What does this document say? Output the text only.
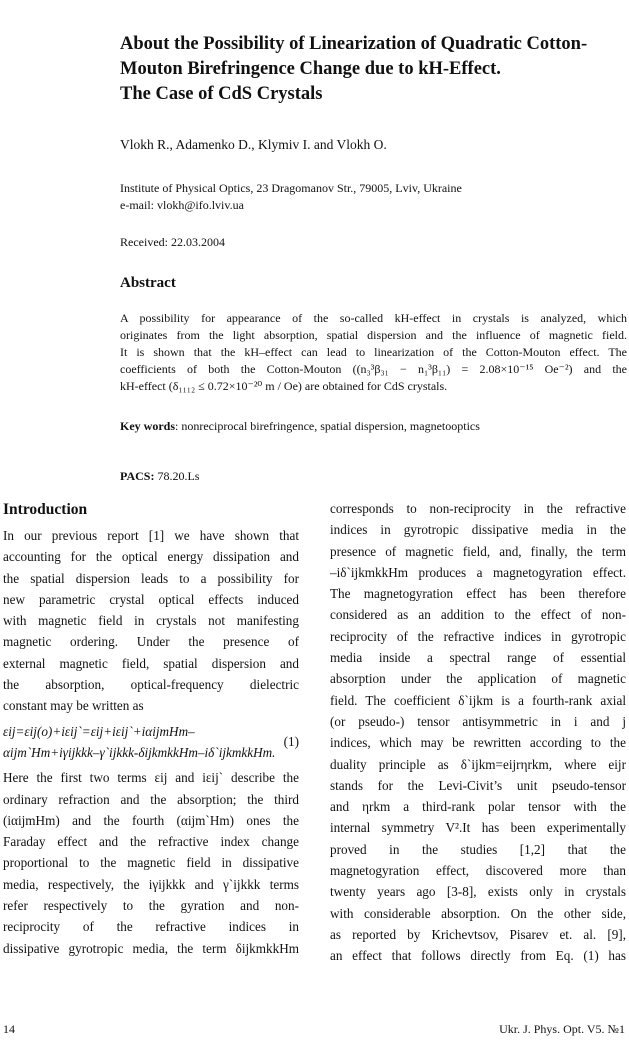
About the Possibility of Linearization of Quadratic Cotton-
Mouton Birefringence Change due to kH-Effect.
The Case of CdS Crystals

Vlokh R., Adamenko D., Klymiv I. and Vlokh O.

Institute of Physical Optics, 23 Dragomanov Str., 79005, Lviv, Ukraine
e-mail: vlokh@ifo.lviv.ua

Received: 22.03.2004

Abstract
A possibility for appearance of the so-called kH-effect in crystals is analyzed, which
originates from the light absorption, spatial dispersion and the influence of magnetic field.
It is shown that the kH–effect can lead to linearization of the Cotton-Mouton effect. The
coefficients of both the Cotton-Mouton ((n₃³β₃₁ − n₁³β₁₁) = 2.08×10⁻¹⁵ Oe⁻²) and the
kH-effect (δ₁₁₁₂ ≤ 0.72×10⁻²⁰ m / Oe) are obtained for CdS crystals.

Key words: nonreciprocal birefringence, spatial dispersion, magnetooptics

PACS: 78.20.Ls

Introduction
In our previous report [1] we have shown that
accounting for the optical energy dissipation and
the spatial dispersion leads to a possibility for
new parametric crystal optical effects induced
with magnetic field in crystals not manifesting
magnetic ordering. Under the presence of
external magnetic field, spatial dispersion and
the absorption, optical-frequency dielectric
constant may be written as
εij=εij(o)+iεij`=εij+iεij`+iαijmHm–
αijm`Hm+iγijkkk–γ`ijkkk-δijkmkkHm–iδ`ijkmkkHm.
(1)
Here the first two terms εij and iεij` describe the
ordinary refraction and the absorption; the third
(iαijmHm) and the fourth (αijm`Hm) ones the
Faraday effect and the refractive index change
proportional to the magnetic field in dissipative
media, respectively, the iγijkkk and γ`ijkkk terms
refer respectively to the gyration and non-
reciprocity of the refractive indices in
dissipative gyrotropic media, the term δijkmkkHm
corresponds to non-reciprocity in the refractive
indices in gyrotropic dissipative media in the
presence of magnetic field, and, finally, the term
–iδ`ijkmkkHm produces a magnetogyration effect.
The magnetogyration effect has been therefore
considered as an addition to the effect of non-
reciprocity of the refractive indices in gyrotropic
media inside a spectral range of essential
absorption under the application of magnetic
field. The coefficient δ`ijkm is a fourth-rank axial
(or pseudo-) tensor antisymmetric in i and j
indices, which may be rewritten according to the
duality principle as δ`ijkm=eijrηrkm, where eijr
stands for the Levi-Civit’s unit pseudo-tensor
and ηrkm a third-rank polar tensor with the
internal symmetry V².It has been experimentally
proved in the studies [1,2] that the
magnetogyration effect, discovered more than
twenty years ago [3-8], exists only in crystals
with considerable absorption. On the other side,
as reported by Krichevtsov, Pisarev et. al. [9],
an effect that follows directly from Eq. (1) has

14	Ukr. J. Phys. Opt. V5. №1
